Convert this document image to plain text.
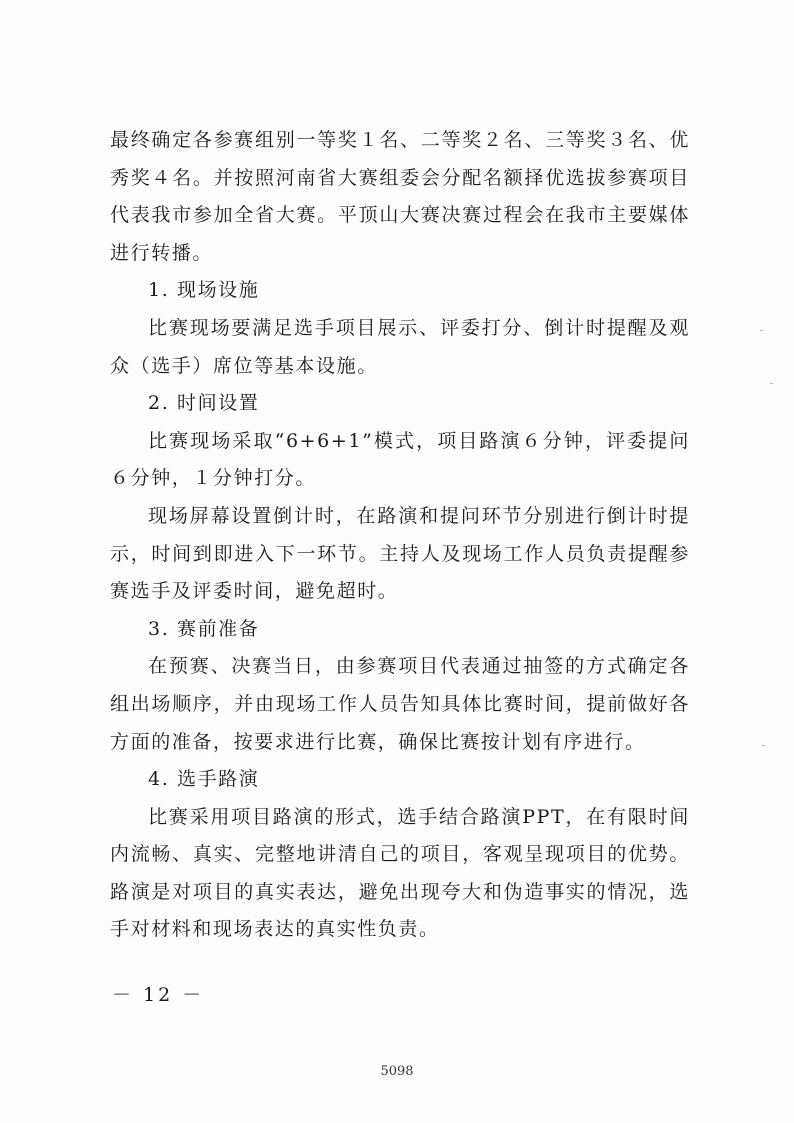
最终确定各参赛组别一等奖１名、二等奖２名、三等奖３名、优秀奖４名。并按照河南省大赛组委会分配名额择优选拔参赛项目代表我市参加全省大赛。平顶山大赛决赛过程会在我市主要媒体进行转播。

1. 现场设施

比赛现场要满足选手项目展示、评委打分、倒计时提醒及观众（选手）席位等基本设施。

2. 时间设置

比赛现场采取“6+6+1”模式，项目路演６分钟，评委提问６分钟，１分钟打分。

现场屏幕设置倒计时，在路演和提问环节分别进行倒计时提示，时间到即进入下一环节。主持人及现场工作人员负责提醒参赛选手及评委时间，避免超时。

3. 赛前准备

在预赛、决赛当日，由参赛项目代表通过抽签的方式确定各组出场顺序，并由现场工作人员告知具体比赛时间，提前做好各方面的准备，按要求进行比赛，确保比赛按计划有序进行。

4. 选手路演

比赛采用项目路演的形式，选手结合路演PPT，在有限时间内流畅、真实、完整地讲清自己的项目，客观呈现项目的优势。路演是对项目的真实表达，避免出现夸大和伪造事实的情况，选手对材料和现场表达的真实性负责。

－ 12 －
5098
